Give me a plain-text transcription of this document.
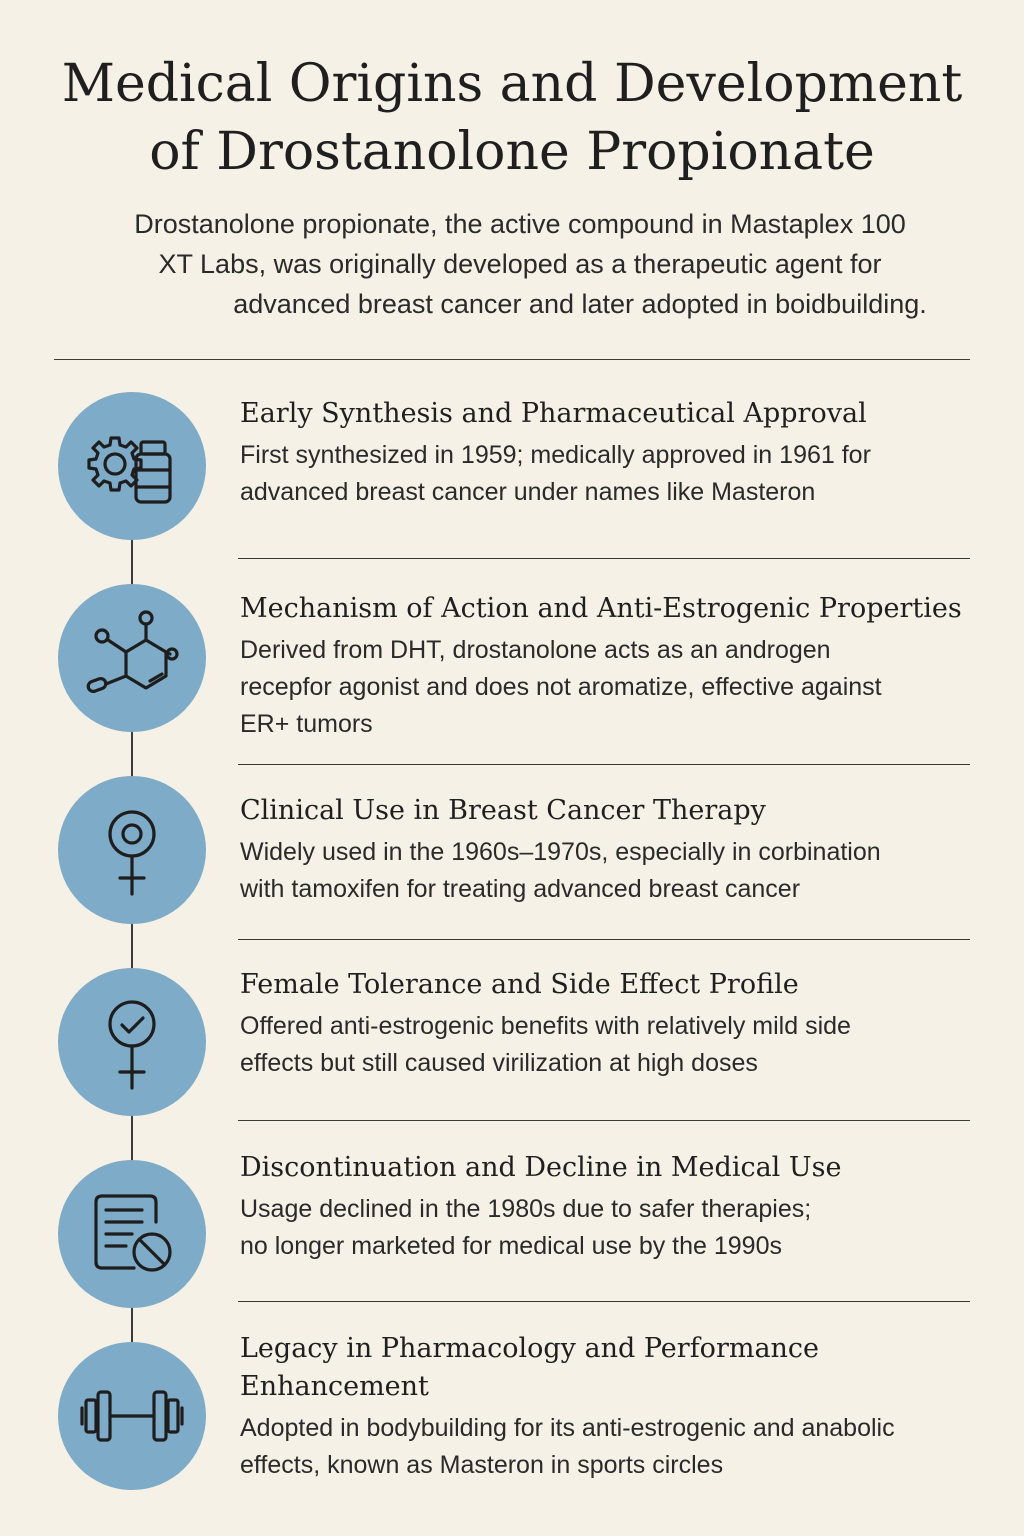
Medical Origins and Development
of Drostanolone Propionate

Drostanolone propionate, the active compound in Mastaplex 100
XT Labs, was originally developed as a therapeutic agent for
advanced breast cancer and later adopted in boidbuilding.

Early Synthesis and Pharmaceutical Approval

First synthesized in 1959; medically approved in 1961 for
advanced breast cancer under names like Masteron

Mechanism of Action and Anti-Estrogenic Properties

Derived from DHT, drostanolone acts as an androgen
recepfor agonist and does not aromatize, effective against
ER+ tumors

Clinical Use in Breast Cancer Therapy

Widely used in the 1960s–1970s, especially in corbination
with tamoxifen for treating advanced breast cancer

Female Tolerance and Side Effect Profile

Offered anti-estrogenic benefits with relatively mild side
effects but still caused virilization at high doses

Discontinuation and Decline in Medical Use

Usage declined in the 1980s due to safer therapies;
no longer marketed for medical use by the 1990s

Legacy in Pharmacology and Performance
Enhancement

Adopted in bodybuilding for its anti-estrogenic and anabolic
effects, known as Masteron in sports circles
